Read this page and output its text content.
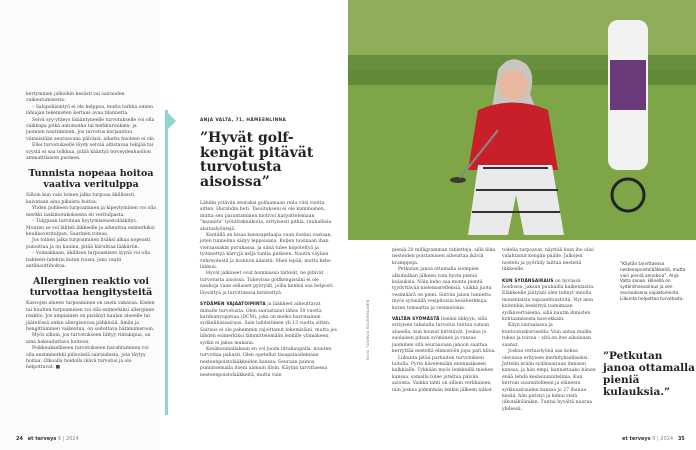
kertyminen jalkoihin kesästi vai sairauden vaikeutumisesta.

– Salapoliisintyö ei ole helppoa, mutta tarkka omien lähiajan tekemisten kertaus avaa tilannetta.

Selvä syy-yhteys lisääntyneelle turvotukselle voi olla vaikkapa pitkä automatka tai herkkuruokien- ja juomien nauttiminen. Jos turvotus korjaantuu viimeistään seuraavana päivänä, aihetta huoleen ei ole.

Ellei turvotukselle löydy selvää altistavaa tekijää tai syystä ei saa tolkkua, pitää kääntyä terveydenhuollon ammattilaisen puoleen.

Tunnista nopeaa hoitoa vaativa veritulppa

Silloin kun vain toinen jalka turpoaa äkillisesti, kaivataan aina pikaista hoitoa.

Yhden pohkeen turpoaminen ja kipeytyminen voi olla merkki laskimotukoksesta eli veritulpasta.

– Tulppaan tarvitaan hyytymisenestolääkitys. Muuten se voi lähteä liikkeelle ja aiheuttaa esimerkiksi keuhkoveritulpan, Saarinen toteaa.

Jos toinen jalka turpoaminen lisäksi alkaa nopeasti punoittaa ja on kuuma, pitää kiiruhtaa lääkäriin.

– Voimakkaan, äkillisen turpoamisen syynä voi olla bakteeri-infektio kuten ruusu, joka vaatii antibioottihoitoa.

Allerginen reaktio voi turvottaa hengitysteitä

Kasvojen alueen turpoaminen on usein vakavaa. Kielen tai huulten turpoaminen voi olla esimerkiksi allerginen reaktio. Jos ampiainen on pistänyt kaulan alueelle tai jäätelössä onkin allergisoivaa pähkinää, limän ja hengittäminen vaikeutuu, on soitettava hätänumeroon.

Myös silloin, jos turvotukseen liittyy rintakipua, on aina hakeuduttava hoitoon.

Poikkeukselliseen turvotukseen havahtuminen voi olla ensimmerkki piilevästä sairaudesta, jota täytyy hoitaa. Olkoalla hoidolla ikävä turvotus ja olo helpottuvat. ■

24 et terveys 6 | 2024
ANJA VALTA, 71, HÄMEENLINNA
”Hyvät golf-kengät pitävät turvotusta aisoissa”

Lähdin ystävän seuraksi golfaamaan reilu viisi vuotta sitten. Hurahdin heti. Tasoitukseni ei ole kummoinen, mutta sen parantaminen motivoi harjoittelemaan ”kauniita” lyöntitekniikoita, erityisesti pitkiä, rauhallisia aloituslyöntejä.

Kentällä en kisaa kanssapelaajia vaan itseäni vastaan, joten tunnelma säilyy leppoisana. Kuljen toisinaan ihan vieraassakin porukassa, ja siinä tulee höpöteltyä ja työnnettyä kärryjä neljä tuntia putkeen. Nautin väylien vehreydestä ja luonnon äänistä. Mieli lepää, mutta keho liikkuu.

Hyvät jalkineet ovat hommassa tärkeät, ne pitävät turvotusta aisoissa. Tukevissa golfkengissäni ei ole nauhoja vaan sellaiset pyörylät, joilla kenkiä saa helposti löysättyä ja tarvittaessa kiristettyä.

SYDÄMEN VAJAATOIMINTA ja lääkkeet aiheuttavat minulle turvotusta. Olen sairastanut lähes 30 vuotta kardiomyopatiaa (DCM), joka on melko harvinainen sydänlihassairaus. Sain tahdistimen yli 13 vuotta sitten. Sairaus ei ole pahemmin rajoittanut tekemisiäni, mutta jos lähden esimerkiksi lämmittelemään lenkille ylämäkeen, sydän ei jaksa mukana.

Kesäkuumallakaan en voi juoda litrakaupalla, muuten turvottaa pahasti. Olen opetellut tasapainoilemaan nesteenpoistolääkkeiden kanssa. Seuraan painoa punnitsemalla itseni aamuin illoin. Käytän tarvittaessa nesteenpoistolääkkeitä, mutta vain

KUVA TUOMAS KOLEHMAINEN

pieniä 20 milligramman tabletteja, sillä liika nesteiden poistaminen aiheuttaa ikäviä kramppeja.

Petkutan janoa ottamalla isompien alkuhulkan jälkeen vain hyvin pieniä kulauksia. Näin keho saa monta pientä tyydyttävää nielemisrefleksiä, vaikka juotu vesimäärä on pieni. Siirrän janon tunnetta myös syömällä vesipitoisia kesäherkkuja, kuten tomaattia ja vesimelonia.

VÄLTÄN SYÖMÄSTÄ itseäni ähkyyn, sillä erityisen tukalalta turvotus tuntuu vatsan alueella, kun housut kiristävät. Joskus jo suolaisen pitsan syöminen ja runsas juominen sitä seuraavaan janoon saattaa kerryttää nesteitä elimistöön jopa pari kiloa.

Liikunta pitää parhaiten turvotuksen loitolla. Pyrin kävelemään enimmäkseen kalkkialle. Tykkään myös lenkkeillä miehen kanssa, samalla tulee juteltua päivän asioista. Vaikka tahti on silloin verkkainen, niin joskus pidemmän lenkin jälkeen nilkat

todella turpoavat, näyttää kuin iho olisi valahtanut kengän päälle. Jalkojen nostelu ja pyöräily laittaa nesteitä liikkeelle.

KUN SYDÄNSAIRAUS on hyvässä hoidossa, jaksan puuhailla kaikenlaista. Eläkkeelle jäätyäni olen tehnyt innolla monenlaista vapaaehtoistöitä. Nyt aion kuitenkin keskittyä toimimaan sydänvertaisena, sillä nautin ihmisten kohtaamisesta kasvokkain.

Käyn sairaalassa ja kuntoutuskursseilla. Voin antaa muille tukea ja toivoa – sitä en itse aikoinaan saanut.

Joskus vertaistyönä saa kokea olevansa erityisen merkitykselliseksi. Juttelin erään sydänsairaan ihmisen kanssa, ja hän empi, kannattaako hänen enää tehdä kesäsuunnitelmia. Kun kerroin suunnitelleeni ja eläneeni sydänsairauden kanssa jo 27 ihanaa kesää, hän piristyi ja kehui vielä ulkonäköänikin. Tuntui hyvältä nauraa yhdessä.

”Käytän tarvittaessa nesteenpoistolääkkeitä, mutta vain pieniä annoksia”, Anja Valta sanoo. Hänellä on sydänlihassairaus ja sen seurauksena vajaatoiminta. Liikunta helpottaa turvotusta.
”Petkutan janoa ottamalla pieniä kulauksia.”
et terveys 6 | 2024 35
